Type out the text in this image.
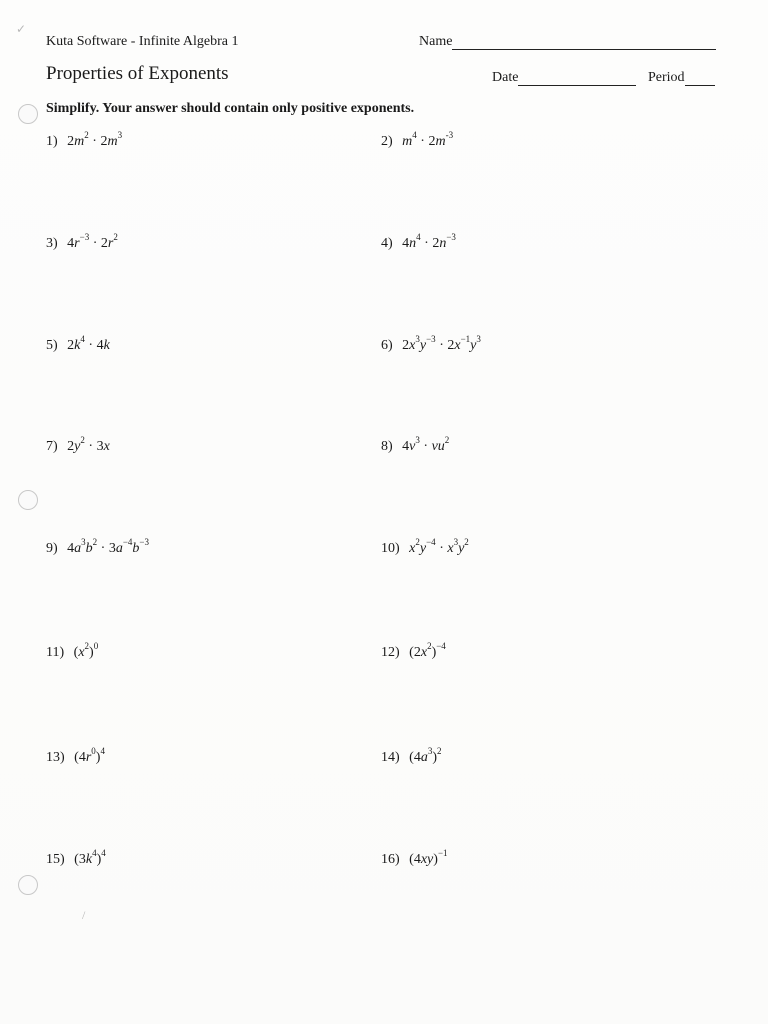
✓
/
Kuta Software - Infinite Algebra 1
Properties of Exponents
Name
Date	Period
Simplify. Your answer should contain only positive exponents.
1) $2m^2 \cdot 2m^3$	2) $m^4 \cdot 2m^{-3}$
3) $4r^{-3} \cdot 2r^2$	4) $4n^4 \cdot 2n^{-3}$
5) $2k^4 \cdot 4k$	6) $2x^3y^{-3} \cdot 2x^{-1}y^3$
7) $2y^2 \cdot 3x$	8) $4v^3 \cdot vu^2$
9) $4a^3b^2 \cdot 3a^{-4}b^{-3}$	10) $x^2y^{-4} \cdot x^3y^2$
11) $(x^2)^0$	12) $(2x^2)^{-4}$
13) $(4r^0)^4$	14) $(4a^3)^2$
15) $(3k^4)^4$	16) $(4xy)^{-1}$
